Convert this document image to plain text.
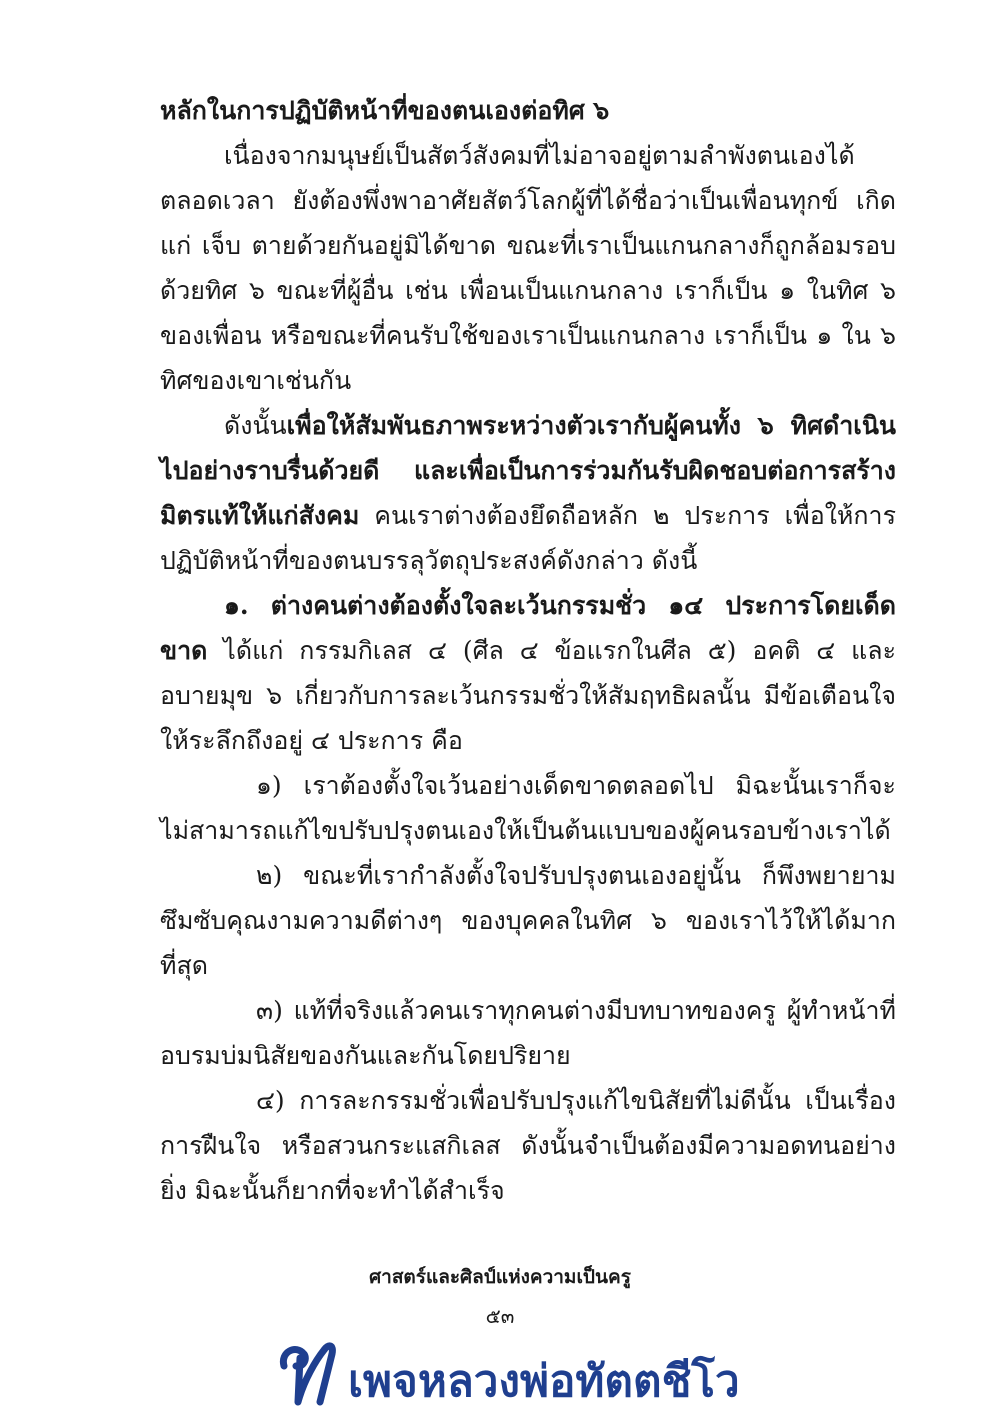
หลักในการปฏิบัติหน้าที่ของตนเองต่อทิศ ๖

เนื่องจากมนุษย์เป็นสัตว์สังคมที่ไม่อาจอยู่ตามลำพังตนเองได้ตลอดเวลา ยังต้องพึ่งพาอาศัยสัตว์โลกผู้ที่ได้ชื่อว่าเป็นเพื่อนทุกข์ เกิด แก่ เจ็บ ตายด้วยกันอยู่มิได้ขาด ขณะที่เราเป็นแกนกลางก็ถูกล้อมรอบด้วยทิศ ๖ ขณะที่ผู้อื่น เช่น เพื่อนเป็นแกนกลาง เราก็เป็น ๑ ในทิศ ๖ ของเพื่อน หรือขณะที่คนรับใช้ของเราเป็นแกนกลาง เราก็เป็น ๑ ใน ๖ ทิศของเขาเช่นกัน

ดังนั้นเพื่อให้สัมพันธภาพระหว่างตัวเรากับผู้คนทั้ง ๖ ทิศดำเนินไปอย่างราบรื่นด้วยดี และเพื่อเป็นการร่วมกันรับผิดชอบต่อการสร้างมิตรแท้ให้แก่สังคม คนเราต่างต้องยึดถือหลัก ๒ ประการ เพื่อให้การปฏิบัติหน้าที่ของตนบรรลุวัตถุประสงค์ดังกล่าว ดังนี้

๑. ต่างคนต่างต้องตั้งใจละเว้นกรรมชั่ว ๑๔ ประการโดยเด็ดขาด ได้แก่ กรรมกิเลส ๔ (ศีล ๔ ข้อแรกในศีล ๕) อคติ ๔ และอบายมุข ๖ เกี่ยวกับการละเว้นกรรมชั่วให้สัมฤทธิผลนั้น มีข้อเตือนใจให้ระลึกถึงอยู่ ๔ ประการ คือ

๑) เราต้องตั้งใจเว้นอย่างเด็ดขาดตลอดไป มิฉะนั้นเราก็จะไม่สามารถแก้ไขปรับปรุงตนเองให้เป็นต้นแบบของผู้คนรอบข้างเราได้

๒) ขณะที่เรากำลังตั้งใจปรับปรุงตนเองอยู่นั้น ก็พึงพยายามซึมซับคุณงามความดีต่างๆ ของบุคคลในทิศ ๖ ของเราไว้ให้ได้มากที่สุด

๓) แท้ที่จริงแล้วคนเราทุกคนต่างมีบทบาทของครู ผู้ทำหน้าที่อบรมบ่มนิสัยของกันและกันโดยปริยาย

๔) การละกรรมชั่วเพื่อปรับปรุงแก้ไขนิสัยที่ไม่ดีนั้น เป็นเรื่องการฝืนใจ หรือสวนกระแสกิเลส ดังนั้นจำเป็นต้องมีความอดทนอย่างยิ่ง มิฉะนั้นก็ยากที่จะทำได้สำเร็จ

ศาสตร์และศิลป์แห่งความเป็นครู
๕๓
เพจหลวงพ่อทัตตชีโว
